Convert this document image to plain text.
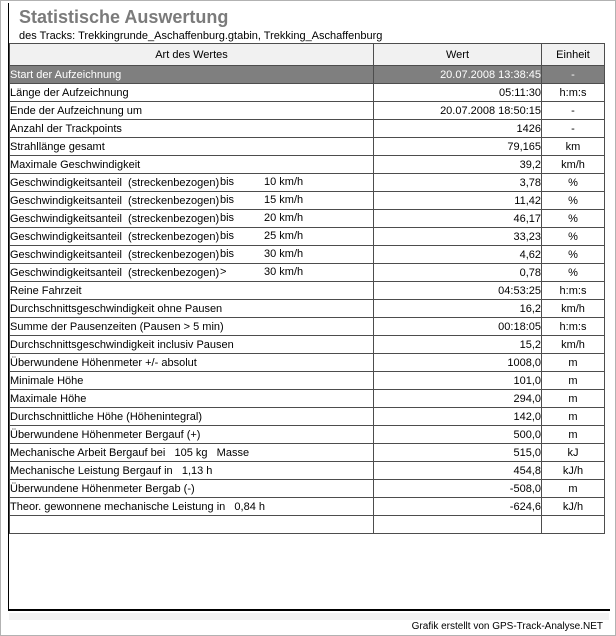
Statistische Auswertung
des Tracks: Trekkingrunde_Aschaffenburg.gtabin, Trekking_Aschaffenburg
Art des Wertes	Wert	Einheit
Start der Aufzeichnung	20.07.2008 13:38:45	-
Länge der Aufzeichnung	05:11:30	h:m:s
Ende der Aufzeichnung um	20.07.2008 18:50:15	-
Anzahl der Trackpoints	1426	-
Strahllänge gesamt	79,165	km
Maximale Geschwindigkeit	39,2	km/h
Geschwindigkeitsanteil  (streckenbezogen) bis 10 km/h	3,78	%
Geschwindigkeitsanteil  (streckenbezogen) bis 15 km/h	11,42	%
Geschwindigkeitsanteil  (streckenbezogen) bis 20 km/h	46,17	%
Geschwindigkeitsanteil  (streckenbezogen) bis 25 km/h	33,23	%
Geschwindigkeitsanteil  (streckenbezogen) bis 30 km/h	4,62	%
Geschwindigkeitsanteil  (streckenbezogen) > 30 km/h	0,78	%
Reine Fahrzeit	04:53:25	h:m:s
Durchschnittsgeschwindigkeit ohne Pausen	16,2	km/h
Summe der Pausenzeiten (Pausen > 5 min)	00:18:05	h:m:s
Durchschnittsgeschwindigkeit inclusiv Pausen	15,2	km/h
Überwundene Höhenmeter +/- absolut	1008,0	m
Minimale Höhe	101,0	m
Maximale Höhe	294,0	m
Durchschnittliche Höhe (Höhenintegral)	142,0	m
Überwundene Höhenmeter Bergauf (+)	500,0	m
Mechanische Arbeit Bergauf bei   105 kg   Masse	515,0	kJ
Mechanische Leistung Bergauf in   1,13 h	454,8	kJ/h
Überwundene Höhenmeter Bergab (-)	-508,0	m
Theor. gewonnene mechanische Leistung in   0,84 h	-624,6	kJ/h

Grafik erstellt von GPS-Track-Analyse.NET
